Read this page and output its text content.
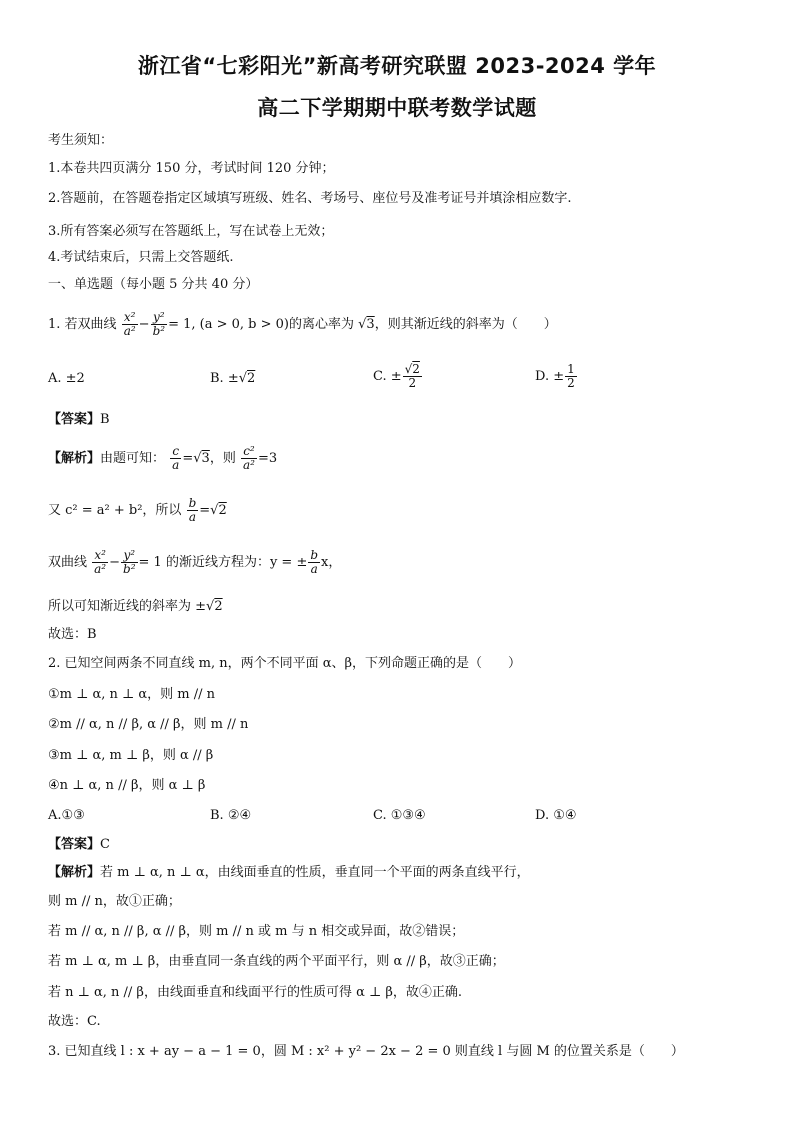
浙江省“七彩阳光”新高考研究联盟 2023-2024 学年
高二下学期期中联考数学试题
考生须知：
1.本卷共四页满分 150 分，考试时间 120 分钟；
2.答题前，在答题卷指定区域填写班级、姓名、考场号、座位号及准考证号并填涂相应数字.
3.所有答案必须写在答题纸上，写在试卷上无效；
4.考试结束后，只需上交答题纸.
一、单选题（每小题 5 分共 40 分）
1. 若双曲线 $\frac{\text{x²}}{\text{a²}} - \frac{\text{y²}}{\text{b²}} = 1$, (a > 0, b > 0)的离心率为 √3，则其渐近线的斜率为（　　）
A. ±2	B. ±√2	C. ± $\frac{√2}{2}$	D. ± $\frac{1}{2}$
【答案】B
【解析】由题可知： $\frac{c}{a} =√3$，则 $\frac{\text{c²}}{\text{a²}} =3$
又 c² = a² + b²，所以 $\frac{b}{a} =√2$
双曲线 $\frac{\text{x²}}{\text{a²}} - \frac{\text{y²}}{\text{b²}} = 1$ 的渐近线方程为：y = ± $\frac{b}{a}$ x，
所以可知渐近线的斜率为 ±√2
故选：B
2. 已知空间两条不同直线 m, n，两个不同平面 α、β，下列命题正确的是（　　）
①m ⊥ α, n ⊥ α，则 m // n
②m // α, n // β, α // β，则 m // n
③m ⊥ α, m ⊥ β，则 α // β
④n ⊥ α, n // β，则 α ⊥ β
A.①③	B. ②④	C. ①③④	D. ①④
【答案】C
【解析】若 m ⊥ α, n ⊥ α，由线面垂直的性质，垂直同一个平面的两条直线平行，
则 m // n，故①正确；
若 m // α, n // β, α // β，则 m // n 或 m 与 n 相交或异面，故②错误；
若 m ⊥ α, m ⊥ β，由垂直同一条直线的两个平面平行，则 α // β，故③正确；
若 n ⊥ α, n // β，由线面垂直和线面平行的性质可得 α ⊥ β，故④正确.
故选：C.
3. 已知直线 l : x + ay − a − 1 = 0，圆 M : x² + y² − 2x − 2 = 0 则直线 l 与圆 M 的位置关系是（　　）
